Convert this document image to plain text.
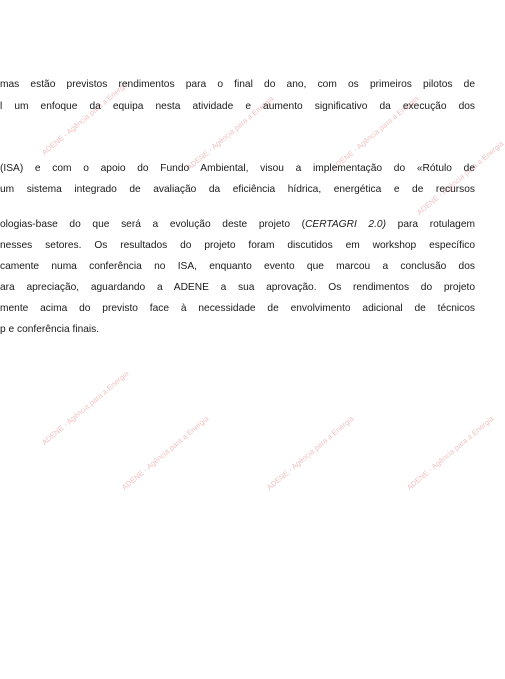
ADENE - Agência para a Energia	ADENE - Agência para a Energia	ADENE - Agência para a Energia
ADENE - Agência para a Energia
ADENE - Agência para a Energia
ADENE - Agência para a Energia	ADENE - Agência para a Energia	ADENE - Agência para a Energia
mas estão previstos rendimentos para o final do ano, com os primeiros pilotos de
l um enfoque da equipa nesta atividade e aumento significativo da execução dos
(ISA) e com o apoio do Fundo Ambiental, visou a implementação do «Rótulo de
um sistema integrado de avaliação da eficiência hídrica, energética e de recursos
ologias-base do que será a evolução deste projeto (CERTAGRI 2.0) para rotulagem
nesses setores. Os resultados do projeto foram discutidos em workshop específico
camente numa conferência no ISA, enquanto evento que marcou a conclusão dos
ara apreciação, aguardando a ADENE a sua aprovação. Os rendimentos do projeto
mente acima do previsto face à necessidade de envolvimento adicional de técnicos
p e conferência finais.
